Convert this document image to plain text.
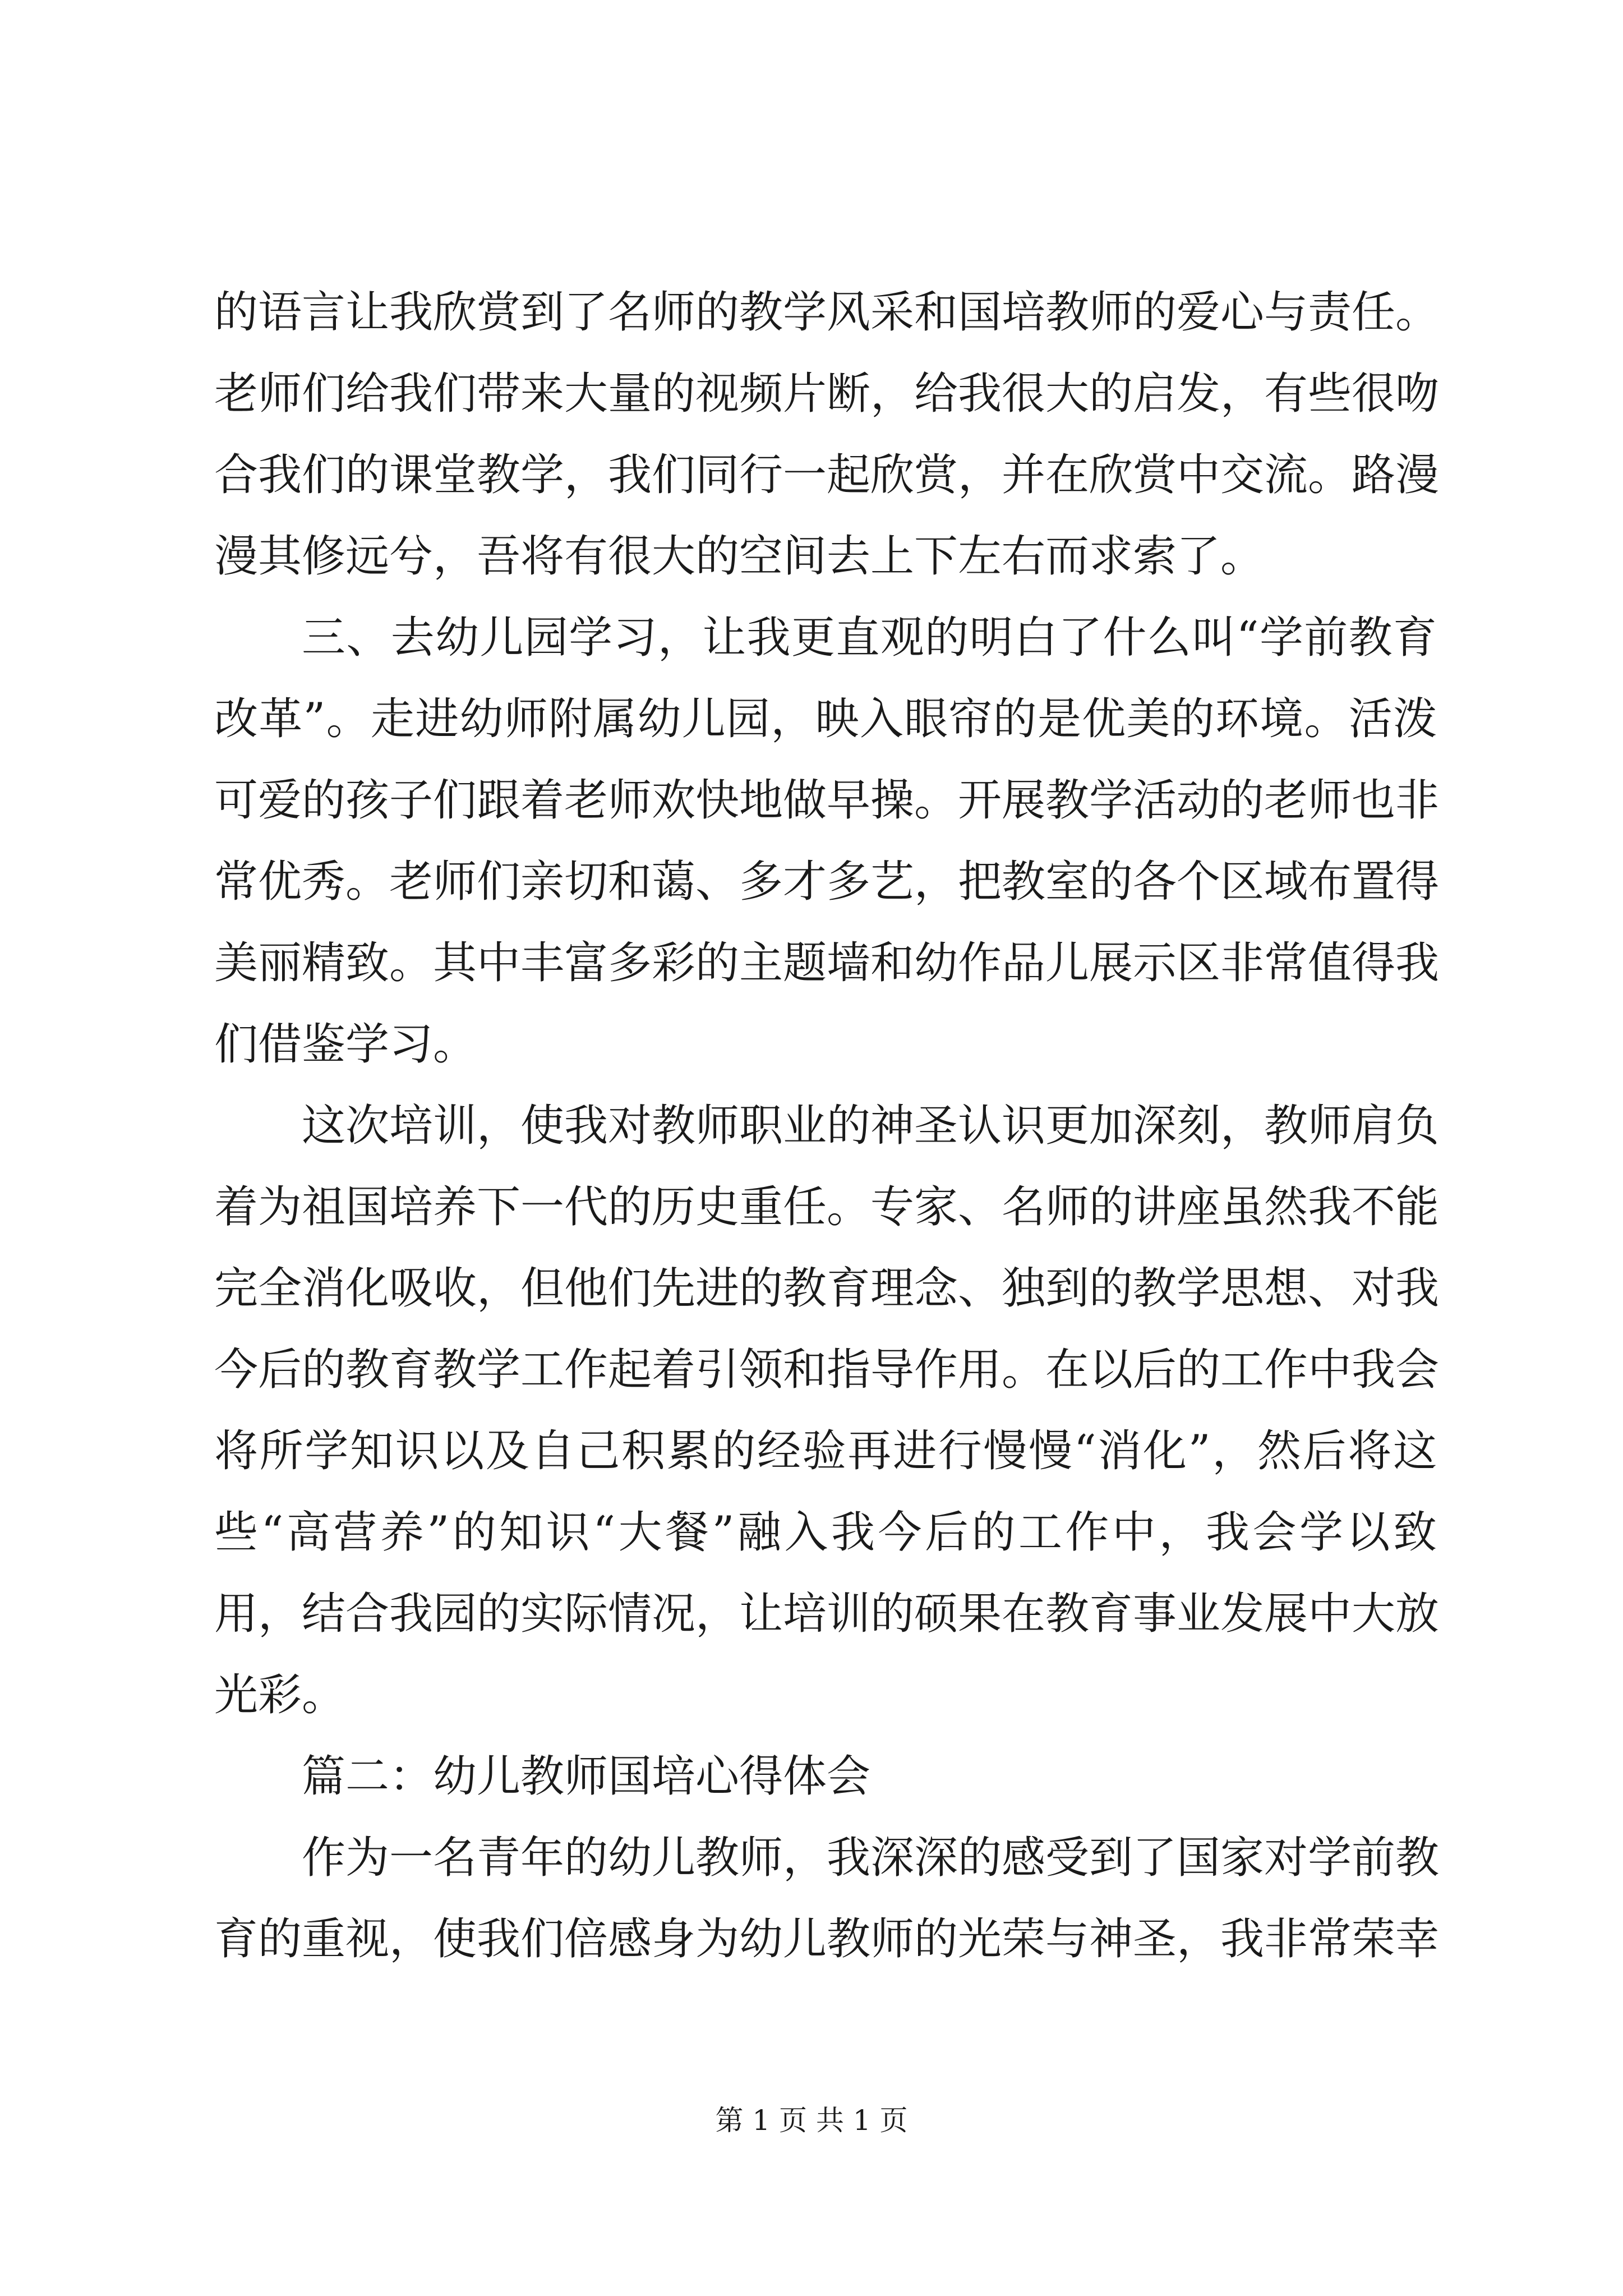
的语言让我欣赏到了名师的教学风采和国培教师的爱心与责任。
老师们给我们带来大量的视频片断，给我很大的启发，有些很吻
合我们的课堂教学，我们同行一起欣赏，并在欣赏中交流。路漫
漫其修远兮，吾将有很大的空间去上下左右而求索了。
三、去幼儿园学习，让我更直观的明白了什么叫“学前教育
改革”。走进幼师附属幼儿园，映入眼帘的是优美的环境。活泼
可爱的孩子们跟着老师欢快地做早操。开展教学活动的老师也非
常优秀。老师们亲切和蔼、多才多艺，把教室的各个区域布置得
美丽精致。其中丰富多彩的主题墙和幼作品儿展示区非常值得我
们借鉴学习。
这次培训，使我对教师职业的神圣认识更加深刻，教师肩负
着为祖国培养下一代的历史重任。专家、名师的讲座虽然我不能
完全消化吸收，但他们先进的教育理念、独到的教学思想、对我
今后的教育教学工作起着引领和指导作用。在以后的工作中我会
将所学知识以及自己积累的经验再进行慢慢“消化”，然后将这
些“高营养”的知识“大餐”融入我今后的工作中，我会学以致
用，结合我园的实际情况，让培训的硕果在教育事业发展中大放
光彩。
篇二：幼儿教师国培心得体会
作为一名青年的幼儿教师，我深深的感受到了国家对学前教
育的重视，使我们倍感身为幼儿教师的光荣与神圣，我非常荣幸
第 1 页 共 1 页
